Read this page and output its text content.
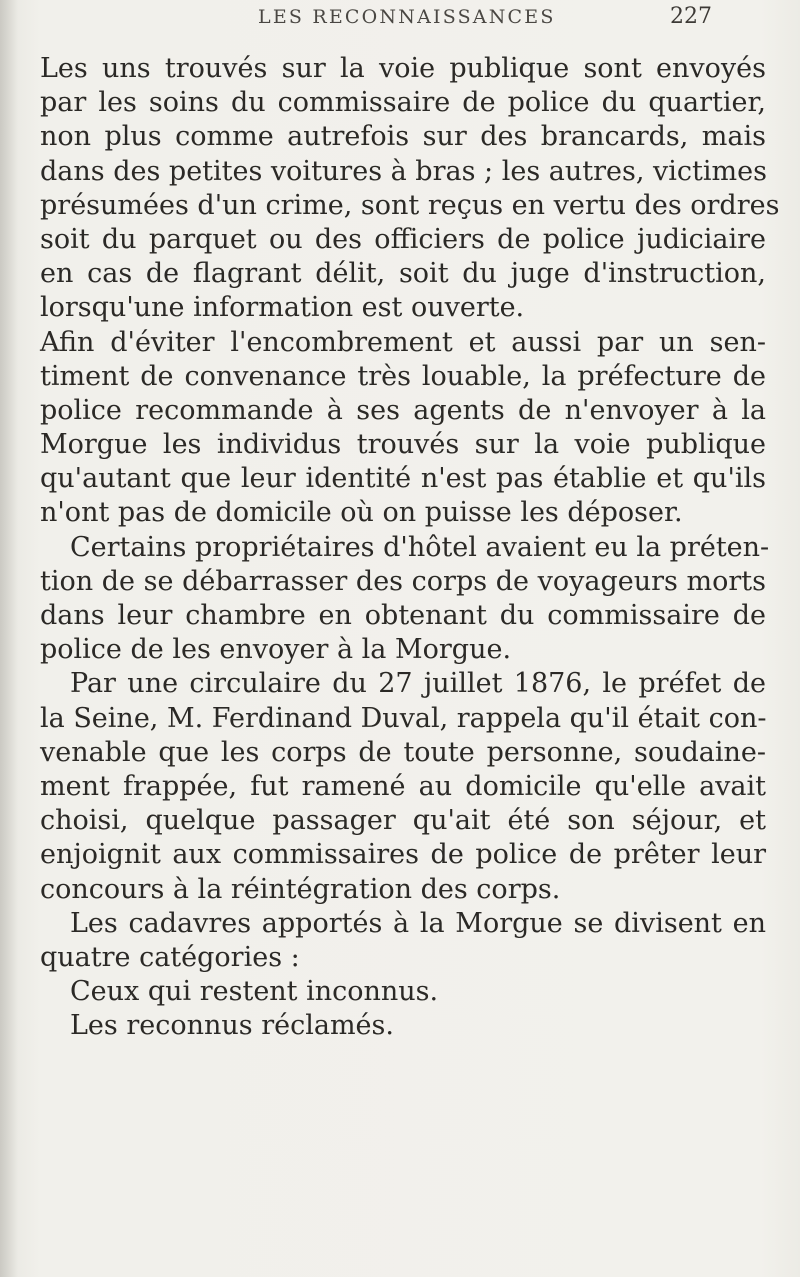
LES RECONNAISSANCES	227
Les uns trouvés sur la voie publique sont envoyés
par les soins du commissaire de police du quartier,
non plus comme autrefois sur des brancards, mais
dans des petites voitures à bras ; les autres, victimes
présumées d'un crime, sont reçus en vertu des ordres
soit du parquet ou des officiers de police judiciaire
en cas de flagrant délit, soit du juge d'instruction,
lorsqu'une information est ouverte.
Afin d'éviter l'encombrement et aussi par un sen-
timent de convenance très louable, la préfecture de
police recommande à ses agents de n'envoyer à la
Morgue les individus trouvés sur la voie publique
qu'autant que leur identité n'est pas établie et qu'ils
n'ont pas de domicile où on puisse les déposer.
Certains propriétaires d'hôtel avaient eu la préten-
tion de se débarrasser des corps de voyageurs morts
dans leur chambre en obtenant du commissaire de
police de les envoyer à la Morgue.
Par une circulaire du 27 juillet 1876, le préfet de
la Seine, M. Ferdinand Duval, rappela qu'il était con-
venable que les corps de toute personne, soudaine-
ment frappée, fut ramené au domicile qu'elle avait
choisi, quelque passager qu'ait été son séjour, et
enjoignit aux commissaires de police de prêter leur
concours à la réintégration des corps.
Les cadavres apportés à la Morgue se divisent en
quatre catégories :
Ceux qui restent inconnus.
Les reconnus réclamés.
